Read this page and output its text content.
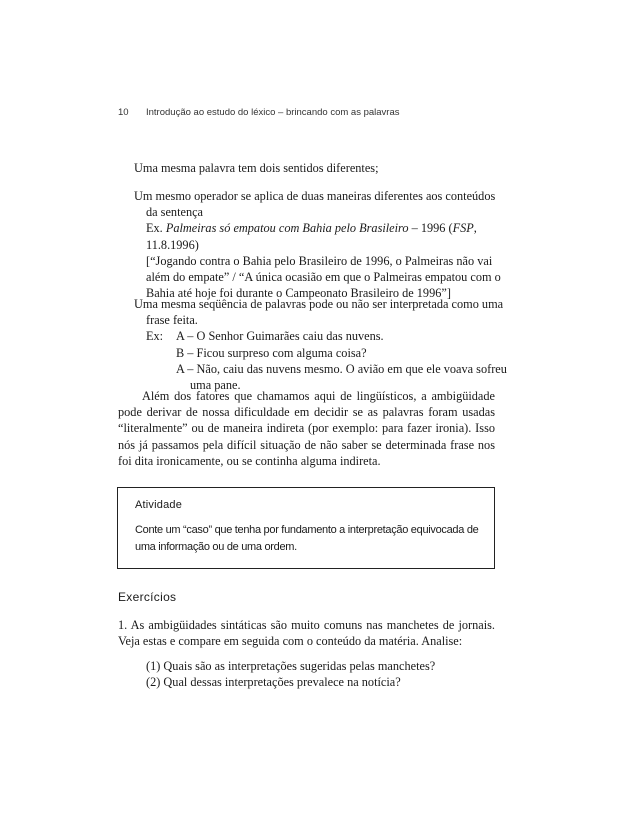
10 Introdução ao estudo do léxico – brincando com as palavras

Uma mesma palavra tem dois sentidos diferentes;

Um mesmo operador se aplica de duas maneiras diferentes aos conteúdos da sentença
Ex. Palmeiras só empatou com Bahia pelo Brasileiro – 1996 (FSP, 11.8.1996)
[“Jogando contra o Bahia pelo Brasileiro de 1996, o Palmeiras não vai além do empate” / “A única ocasião em que o Palmeiras empatou com o Bahia até hoje foi durante o Campeonato Brasileiro de 1996”]
Uma mesma seqüência de palavras pode ou não ser interpretada como uma frase feita.
Ex:	A – O Senhor Guimarães caiu das nuvens.
B – Ficou surpreso com alguma coisa?
A – Não, caiu das nuvens mesmo. O avião em que ele voava sofreu uma pane.

Além dos fatores que chamamos aqui de lingüísticos, a ambigüidade pode derivar de nossa dificuldade em decidir se as palavras foram usadas “literalmente” ou de maneira indireta (por exemplo: para fazer ironia). Isso nós já passamos pela difícil situação de não saber se determinada frase nos foi dita ironicamente, ou se continha alguma indireta.

Atividade
Conte um “caso” que tenha por fundamento a interpretação equivocada de uma informação ou de uma ordem.
Exercícios

1. As ambigüidades sintáticas são muito comuns nas manchetes de jornais. Veja estas e compare em seguida com o conteúdo da matéria. Analise:

(1) Quais são as interpretações sugeridas pelas manchetes?
(2) Qual dessas interpretações prevalece na notícia?
